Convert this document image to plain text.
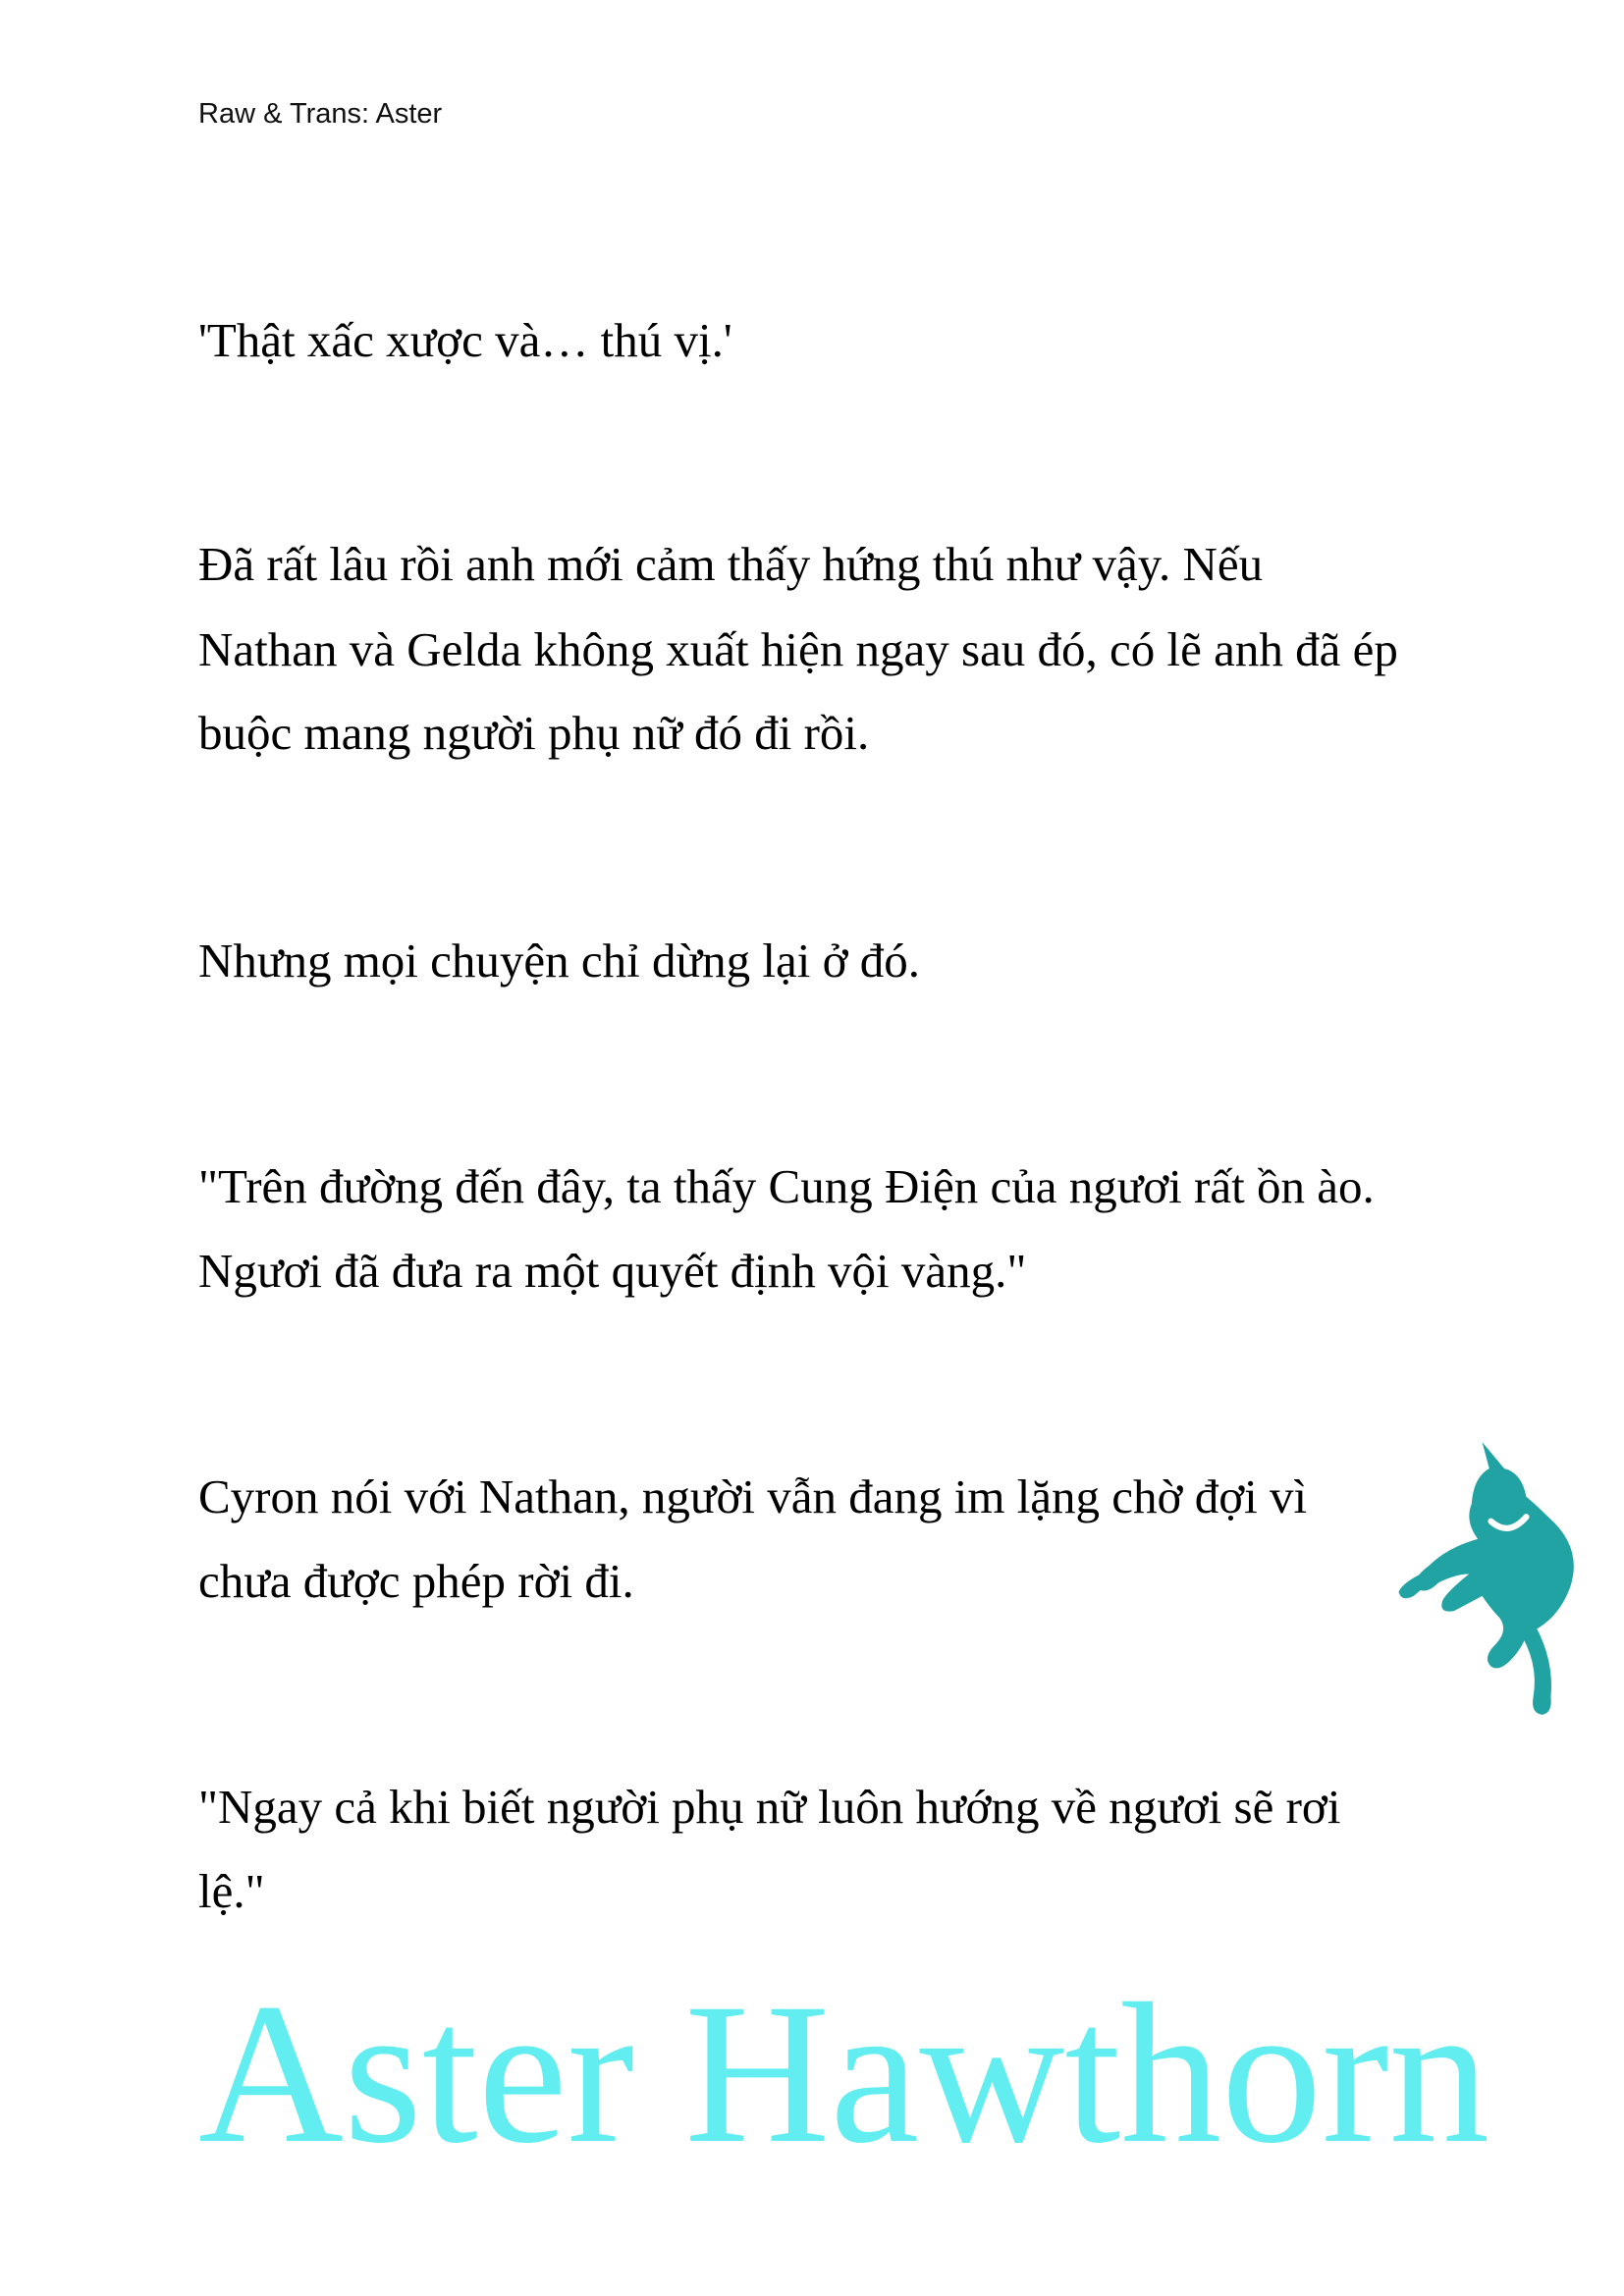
Raw & Trans: Aster
'Thật xấc xược và… thú vị.'
Đã rất lâu rồi anh mới cảm thấy hứng thú như vậy. Nếu
Nathan và Gelda không xuất hiện ngay sau đó, có lẽ anh đã ép
buộc mang người phụ nữ đó đi rồi.
Nhưng mọi chuyện chỉ dừng lại ở đó.
"Trên đường đến đây, ta thấy Cung Điện của ngươi rất ồn ào.
Ngươi đã đưa ra một quyết định vội vàng."
Cyron nói với Nathan, người vẫn đang im lặng chờ đợi vì
chưa được phép rời đi.
"Ngay cả khi biết người phụ nữ luôn hướng về ngươi sẽ rơi
lệ."
Aster Hawthorn
